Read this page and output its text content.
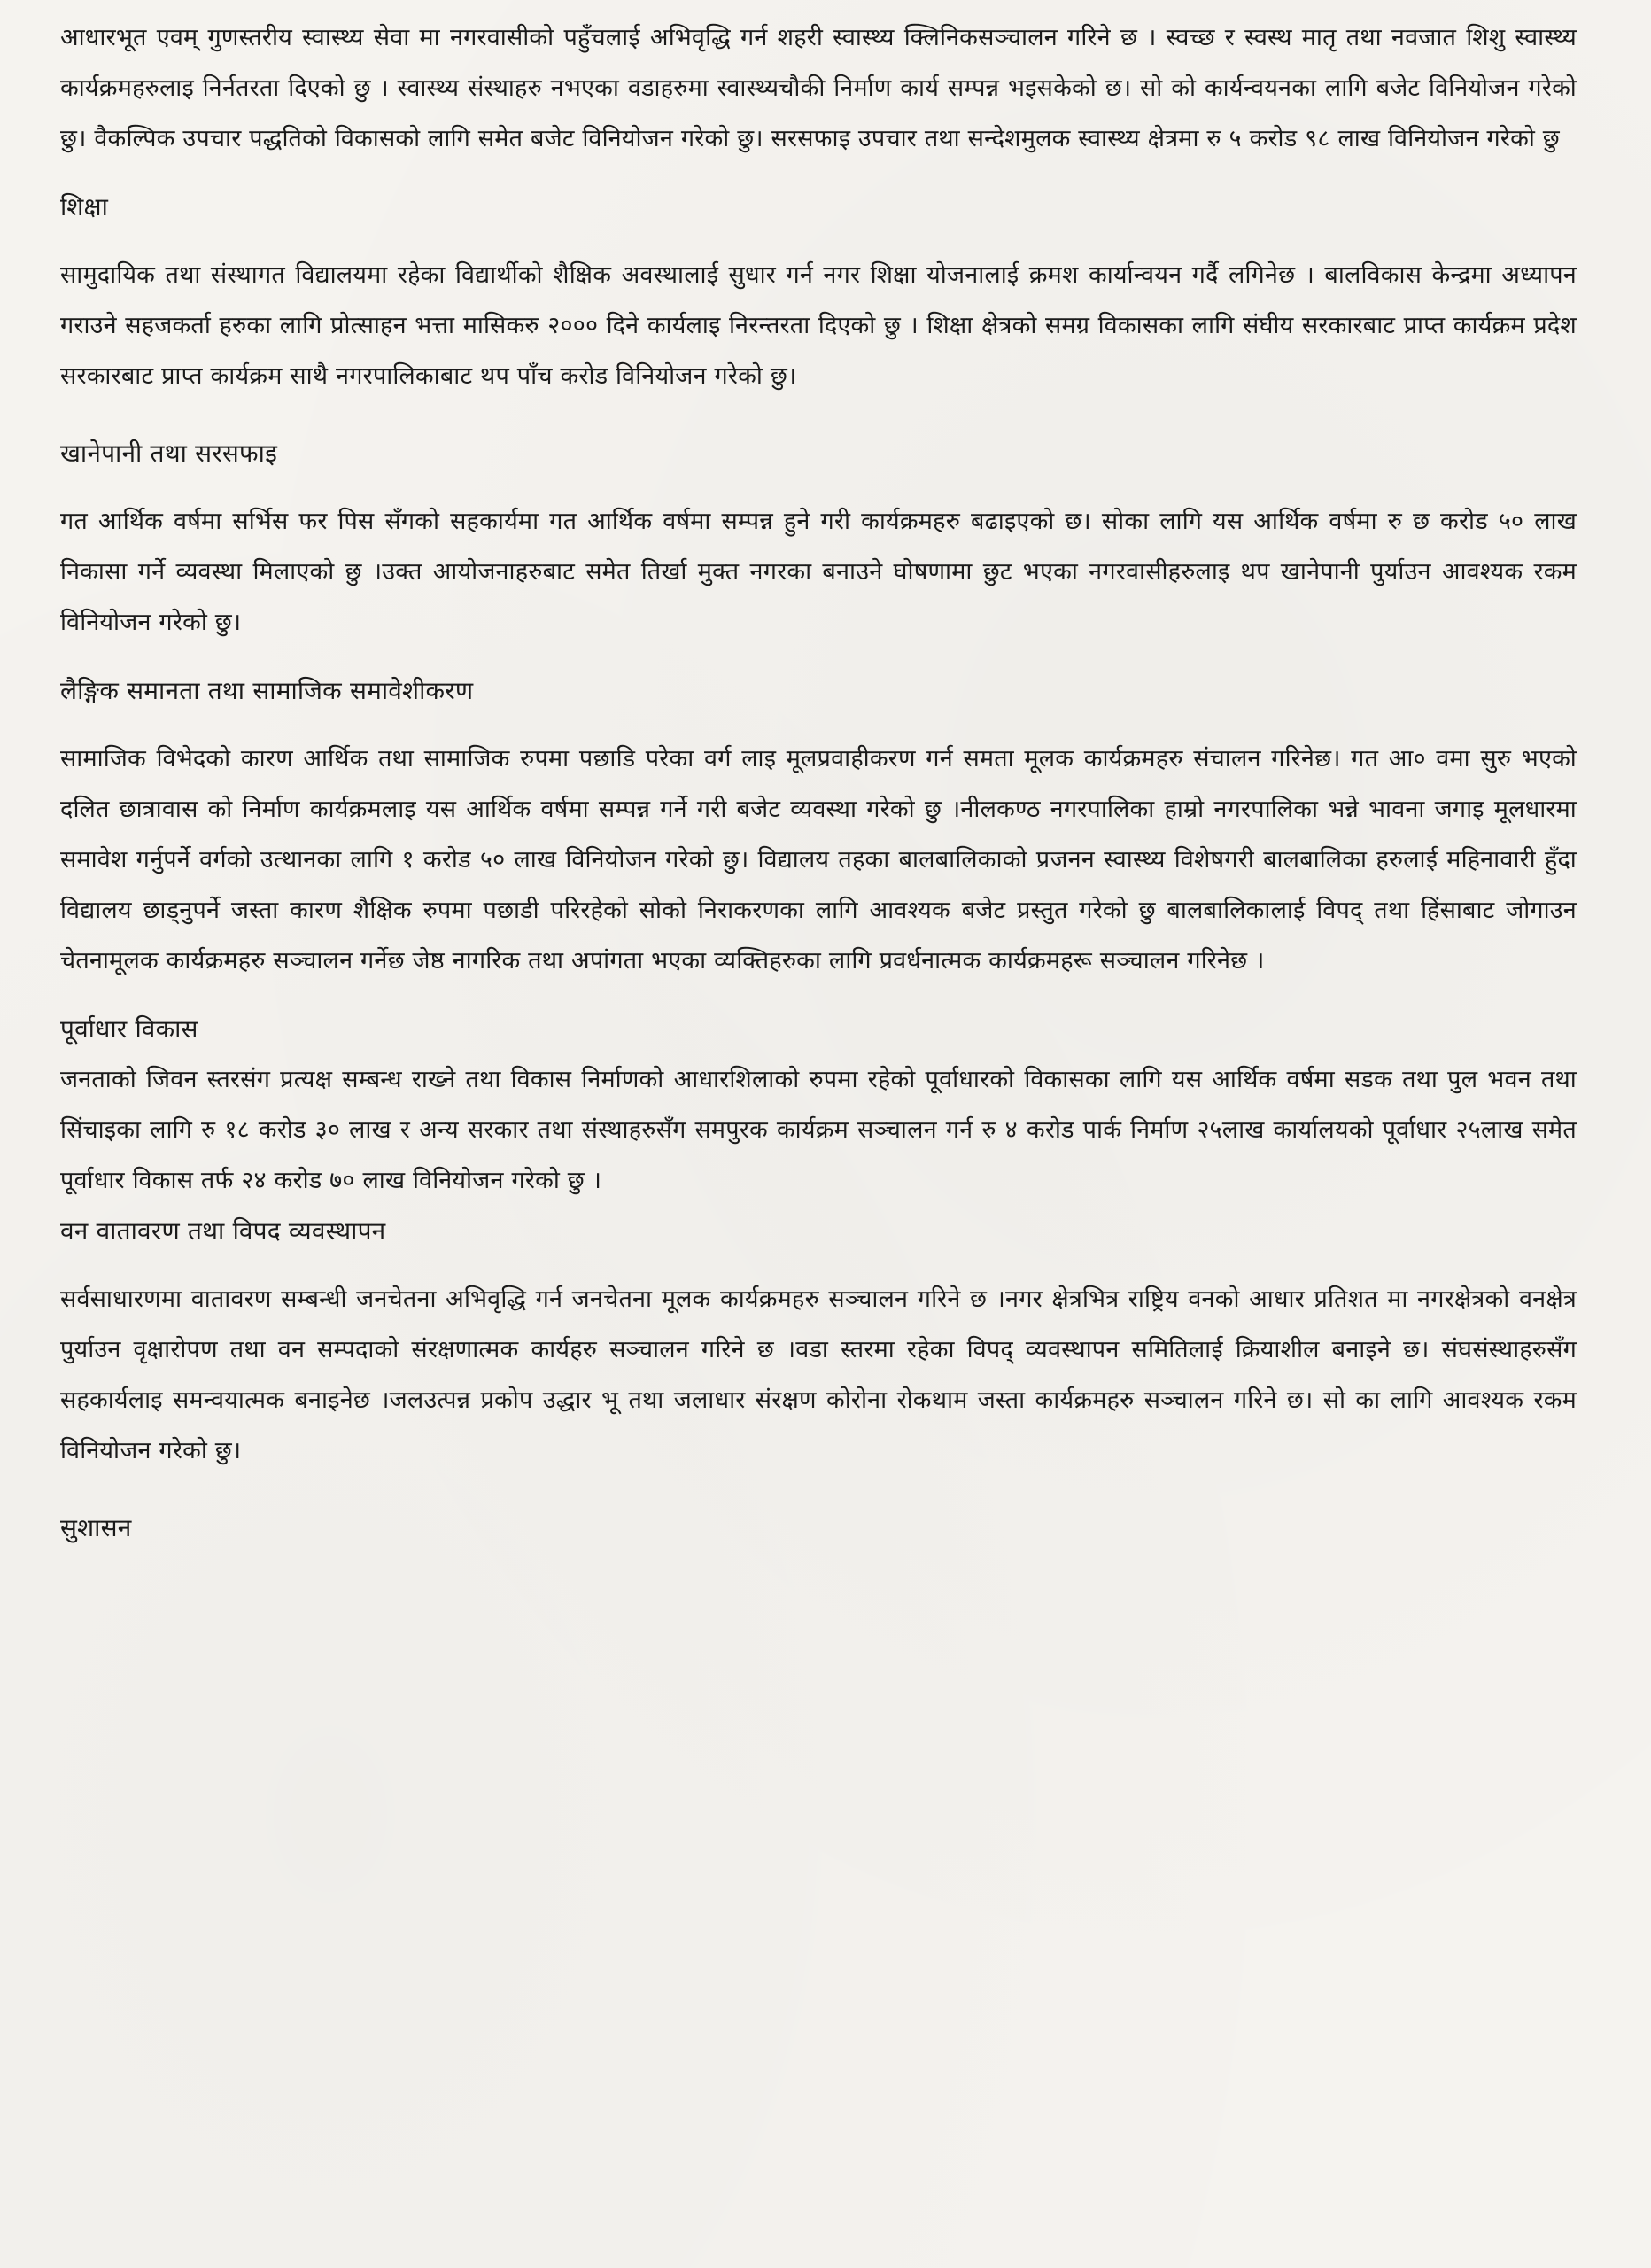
आधारभूत एवम् गुणस्तरीय स्वास्थ्य सेवा मा नगरवासीको पहुँचलाई अभिवृद्धि गर्न शहरी स्वास्थ्य क्लिनिकसञ्चालन गरिने छ । स्वच्छ र स्वस्थ मातृ तथा नवजात शिशु स्वास्थ्य कार्यक्रमहरुलाइ निर्नतरता दिएको छु । स्वास्थ्य संस्थाहरु नभएका वडाहरुमा स्वास्थ्यचौकी निर्माण कार्य सम्पन्न भइसकेको छ। सो को कार्यन्वयनका लागि बजेट विनियोजन गरेको छु। वैकल्पिक उपचार पद्धतिको विकासको लागि समेत बजेट विनियोजन गरेको छु। सरसफाइ उपचार तथा सन्देशमुलक स्वास्थ्य क्षेत्रमा रु ५ करोड ९८ लाख विनियोजन गरेको छु

शिक्षा

सामुदायिक तथा संस्थागत विद्यालयमा रहेका विद्यार्थीको शैक्षिक अवस्थालाई सुधार गर्न नगर शिक्षा योजनालाई क्रमश कार्यान्वयन गर्दै लगिनेछ । बालविकास केन्द्रमा अध्यापन गराउने सहजकर्ता हरुका लागि प्रोत्साहन भत्ता मासिकरु २००० दिने कार्यलाइ निरन्तरता दिएको छु । शिक्षा क्षेत्रको समग्र विकासका लागि संघीय सरकारबाट प्राप्त कार्यक्रम प्रदेश सरकारबाट प्राप्त कार्यक्रम साथै नगरपालिकाबाट थप पाँच करोड विनियोजन गरेको छु।

खानेपानी तथा सरसफाइ

गत आर्थिक वर्षमा सर्भिस फर पिस सँगको सहकार्यमा गत आर्थिक वर्षमा सम्पन्न हुने गरी कार्यक्रमहरु बढाइएको छ। सोका लागि यस आर्थिक वर्षमा रु छ करोड ५० लाख निकासा गर्ने व्यवस्था मिलाएको छु ।उक्त आयोजनाहरुबाट समेत तिर्खा मुक्त नगरका बनाउने घोषणामा छुट भएका नगरवासीहरुलाइ थप खानेपानी पुर्याउन आवश्यक रकम विनियोजन गरेको छु।

लैङ्गिक समानता तथा सामाजिक समावेशीकरण

सामाजिक विभेदको कारण आर्थिक तथा सामाजिक रुपमा पछाडि परेका वर्ग लाइ मूलप्रवाहीकरण गर्न समता मूलक कार्यक्रमहरु संचालन गरिनेछ। गत आ० वमा सुरु भएको दलित छात्रावास को निर्माण कार्यक्रमलाइ यस आर्थिक वर्षमा सम्पन्न गर्ने गरी बजेट व्यवस्था गरेको छु ।नीलकण्ठ नगरपालिका हाम्रो नगरपालिका भन्ने भावना जगाइ मूलधारमा समावेश गर्नुपर्ने वर्गको उत्थानका लागि १ करोड ५० लाख विनियोजन गरेको छु। विद्यालय तहका बालबालिकाको प्रजनन स्वास्थ्य विशेषगरी बालबालिका हरुलाई महिनावारी हुँदा विद्यालय छाड्नुपर्ने जस्ता कारण शैक्षिक रुपमा पछाडी परिरहेको सोको निराकरणका लागि आवश्यक बजेट प्रस्तुत गरेको छु बालबालिकालाई विपद् तथा हिंसाबाट जोगाउन चेतनामूलक कार्यक्रमहरु सञ्चालन गर्नेछ जेष्ठ नागरिक तथा अपांगता भएका व्यक्तिहरुका लागि प्रवर्धनात्मक कार्यक्रमहरू सञ्चालन गरिनेछ ।

पूर्वाधार विकास

जनताको जिवन स्तरसंग प्रत्यक्ष सम्बन्ध राख्ने तथा विकास निर्माणको आधारशिलाको रुपमा रहेको पूर्वाधारको विकासका लागि यस आर्थिक वर्षमा सडक तथा पुल भवन तथा सिंचाइका लागि रु १८ करोड ३० लाख र अन्य सरकार तथा संस्थाहरुसँग समपुरक कार्यक्रम सञ्चालन गर्न रु ४ करोड पार्क निर्माण २५लाख कार्यालयको पूर्वाधार २५लाख समेत पूर्वाधार विकास तर्फ २४ करोड ७० लाख विनियोजन गरेको छु ।

वन वातावरण तथा विपद व्यवस्थापन

सर्वसाधारणमा वातावरण सम्बन्धी जनचेतना अभिवृद्धि गर्न जनचेतना मूलक कार्यक्रमहरु सञ्चालन गरिने छ ।नगर क्षेत्रभित्र राष्ट्रिय वनको आधार प्रतिशत मा नगरक्षेत्रको वनक्षेत्र पुर्याउन वृक्षारोपण तथा वन सम्पदाको संरक्षणात्मक कार्यहरु सञ्चालन गरिने छ ।वडा स्तरमा रहेका विपद् व्यवस्थापन समितिलाई क्रियाशील बनाइने छ। संघसंस्थाहरुसँग सहकार्यलाइ समन्वयात्मक बनाइनेछ ।जलउत्पन्न प्रकोप उद्धार भू तथा जलाधार संरक्षण कोरोना रोकथाम जस्ता कार्यक्रमहरु सञ्चालन गरिने छ। सो का लागि आवश्यक रकम विनियोजन गरेको छु।

सुशासन
